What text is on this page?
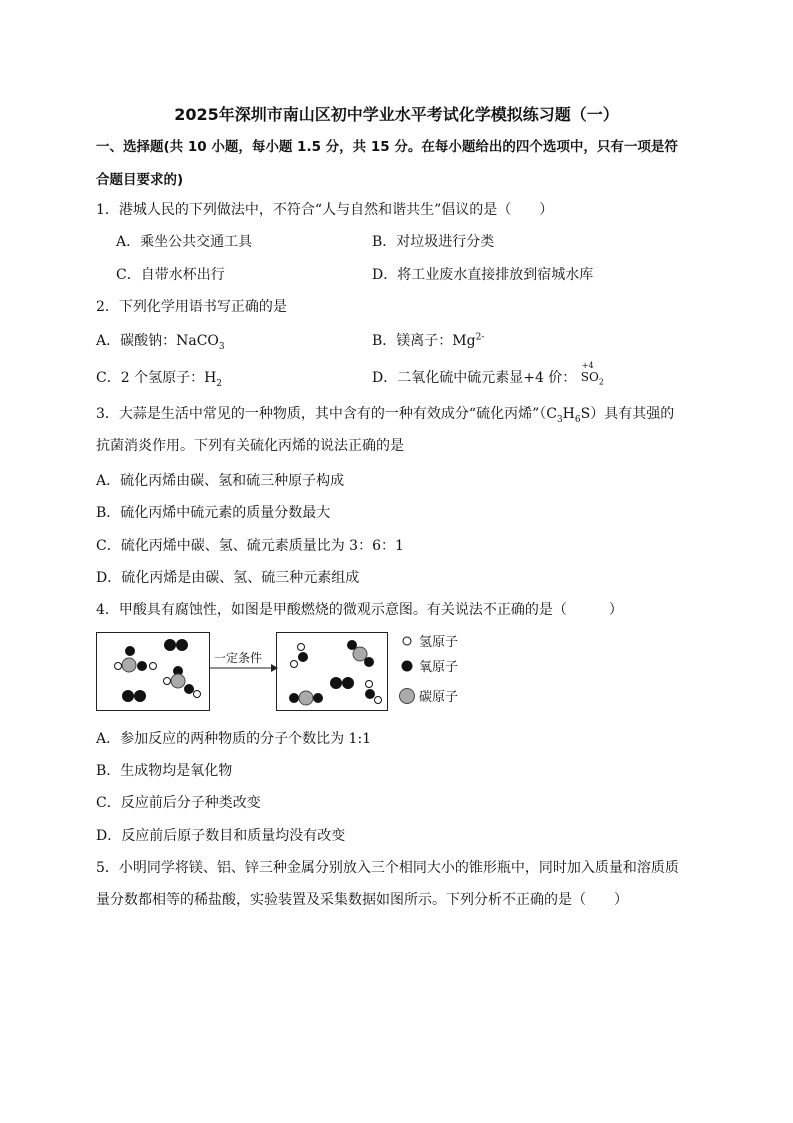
2025年深圳市南山区初中学业水平考试化学模拟练习题（一）
一、选择题(共 10 小题，每小题 1.5 分，共 15 分。在每小题给出的四个选项中，只有一项是符
合题目要求的)
1．港城人民的下列做法中，不符合“人与自然和谐共生”倡议的是（　　）
A．乘坐公共交通工具	B．对垃圾进行分类
C．自带水杯出行	D．将工业废水直接排放到宿城水库
2．下列化学用语书写正确的是
A．碳酸钠：NaCO$_3$	B．镁离子：$Mg^{2-}$
C．2 个氢原子：$H_2$	D．二氧化硫中硫元素显+4 价：
+4
$SO_2$
3．大蒜是生活中常见的一种物质，其中含有的一种有效成分“硫化丙烯$”(C_3H_6S)$具有其强的
抗菌消炎作用。下列有关硫化丙烯的说法正确的是
A．硫化丙烯由碳、氢和硫三种原子构成
B．硫化丙烯中硫元素的质量分数最大
C．硫化丙烯中碳、氢、硫元素质量比为 3：6：1
D．硫化丙烯是由碳、氢、硫三种元素组成
4．甲酸具有腐蚀性，如图是甲酸燃烧的微观示意图。有关说法不正确的是（　　　）
一定条件
氢原子
氧原子
碳原子
A．参加反应的两种物质的分子个数比为 1:1
B．生成物均是氧化物
C．反应前后分子种类改变
D．反应前后原子数目和质量均没有改变
5．小明同学将镁、铝、锌三种金属分别放入三个相同大小的锥形瓶中，同时加入质量和溶质质
量分数都相等的稀盐酸，实验装置及采集数据如图所示。下列分析不正确的是（　　）
